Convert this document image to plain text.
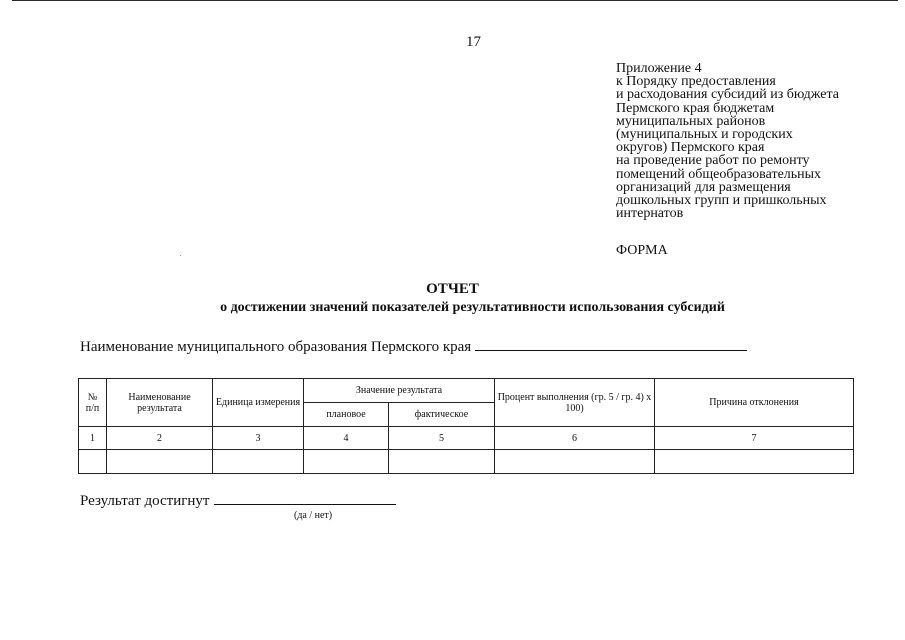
17
Приложение 4
к Порядку предоставления
и расходования субсидий из бюджета
Пермского края бюджетам
муниципальных районов
(муниципальных и городских
округов) Пермского края
на проведение работ по ремонту
помещений общеобразовательных
организаций для размещения
дошкольных групп и пришкольных
интернатов
ФОРМА
ОТЧЕТ
о достижении значений показателей результативности использования субсидий
Наименование муниципального образования Пермского края
№
п/п	Наименование результата	Единица измерения	Значение результата		Процент выполнения (гр. 5 / гр. 4) x 100)	Причина отклонения
			плановое	фактическое		
1	2	3	4	5	6	7

Результат достигнут
(да / нет)
